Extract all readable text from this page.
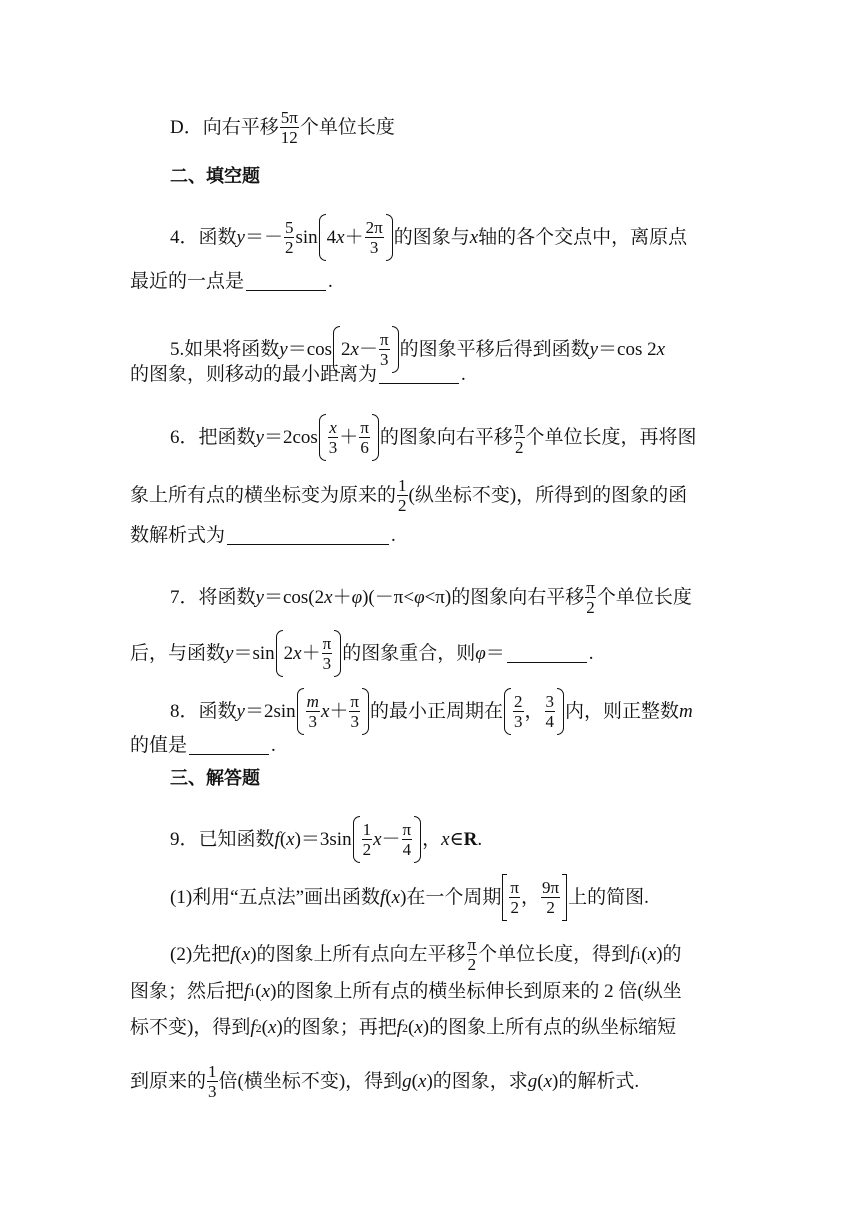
D．向右平移 $\frac{5\pi}{12}$ 个单位长度
二、填空题
4． 函数 $y =- \frac{5}{2}$ sin 4 $x + \frac{2\pi}{3}$ 的图象与 x 轴的各个交点中，离原点
最近的一点是	.
5. 如果将函数 y ＝cos 2 $x - \frac{\pi}{3}$ 的图象平移后得到函数 y ＝cos 2 x
的图象，则移动的最小距离为	.
6． 把函数 $y =2\cos \frac{x}{3} + \frac{\pi}{6}$ 的图象向右平移 $\frac{\pi}{2}$ 个单位长度，再将图
象上所有点的横坐标变为原来的 $\frac{1}{2}$ (纵坐标不变)，所得到的图象的函
数解析式为	.
7． 将函数 y ＝cos(2 x ＋ φ )(－π< φ <π)的图象向右平移 $\frac{\pi}{2}$ 个单位长度
后，与函数 y ＝sin 2 $x + \frac{\pi}{3}$ 的图象重合，则 φ ＝	.
8． 函数 $y =2\sin \frac{m}{3}$ $x + \frac{\pi}{3}$ 的最小正周期在 $\frac{2}{3}$ ， $\frac{3}{4}$ 内，则正整数 m
的值是	.
三、解答题
9． 已知函数 f ( x )$=3\sin \frac{1}{2}$ $x - \frac{\pi}{4}$ ， x ∈ R .
(1)利用“五点法”画出函数 f ( x )在一个周期 $\frac{\pi}{2}$ ， $\frac{9\pi}{2}$ 上的简图.
(2)先把 f ( x )的图象上所有点向左平移 $\frac{\pi}{2}$ 个单位长度，得到 f 1 ( x )的
图象；然后把 f 1 ( x )的图象上所有点的横坐标伸长到原来的 2 倍(纵坐
标不变)，得到 f 2 ( x )的图象；再把 f 2 ( x )的图象上所有点的纵坐标缩短
到原来的 $\frac{1}{3}$ 倍(横坐标不变)，得到 g ( x )的图象，求 g ( x )的解析式.
